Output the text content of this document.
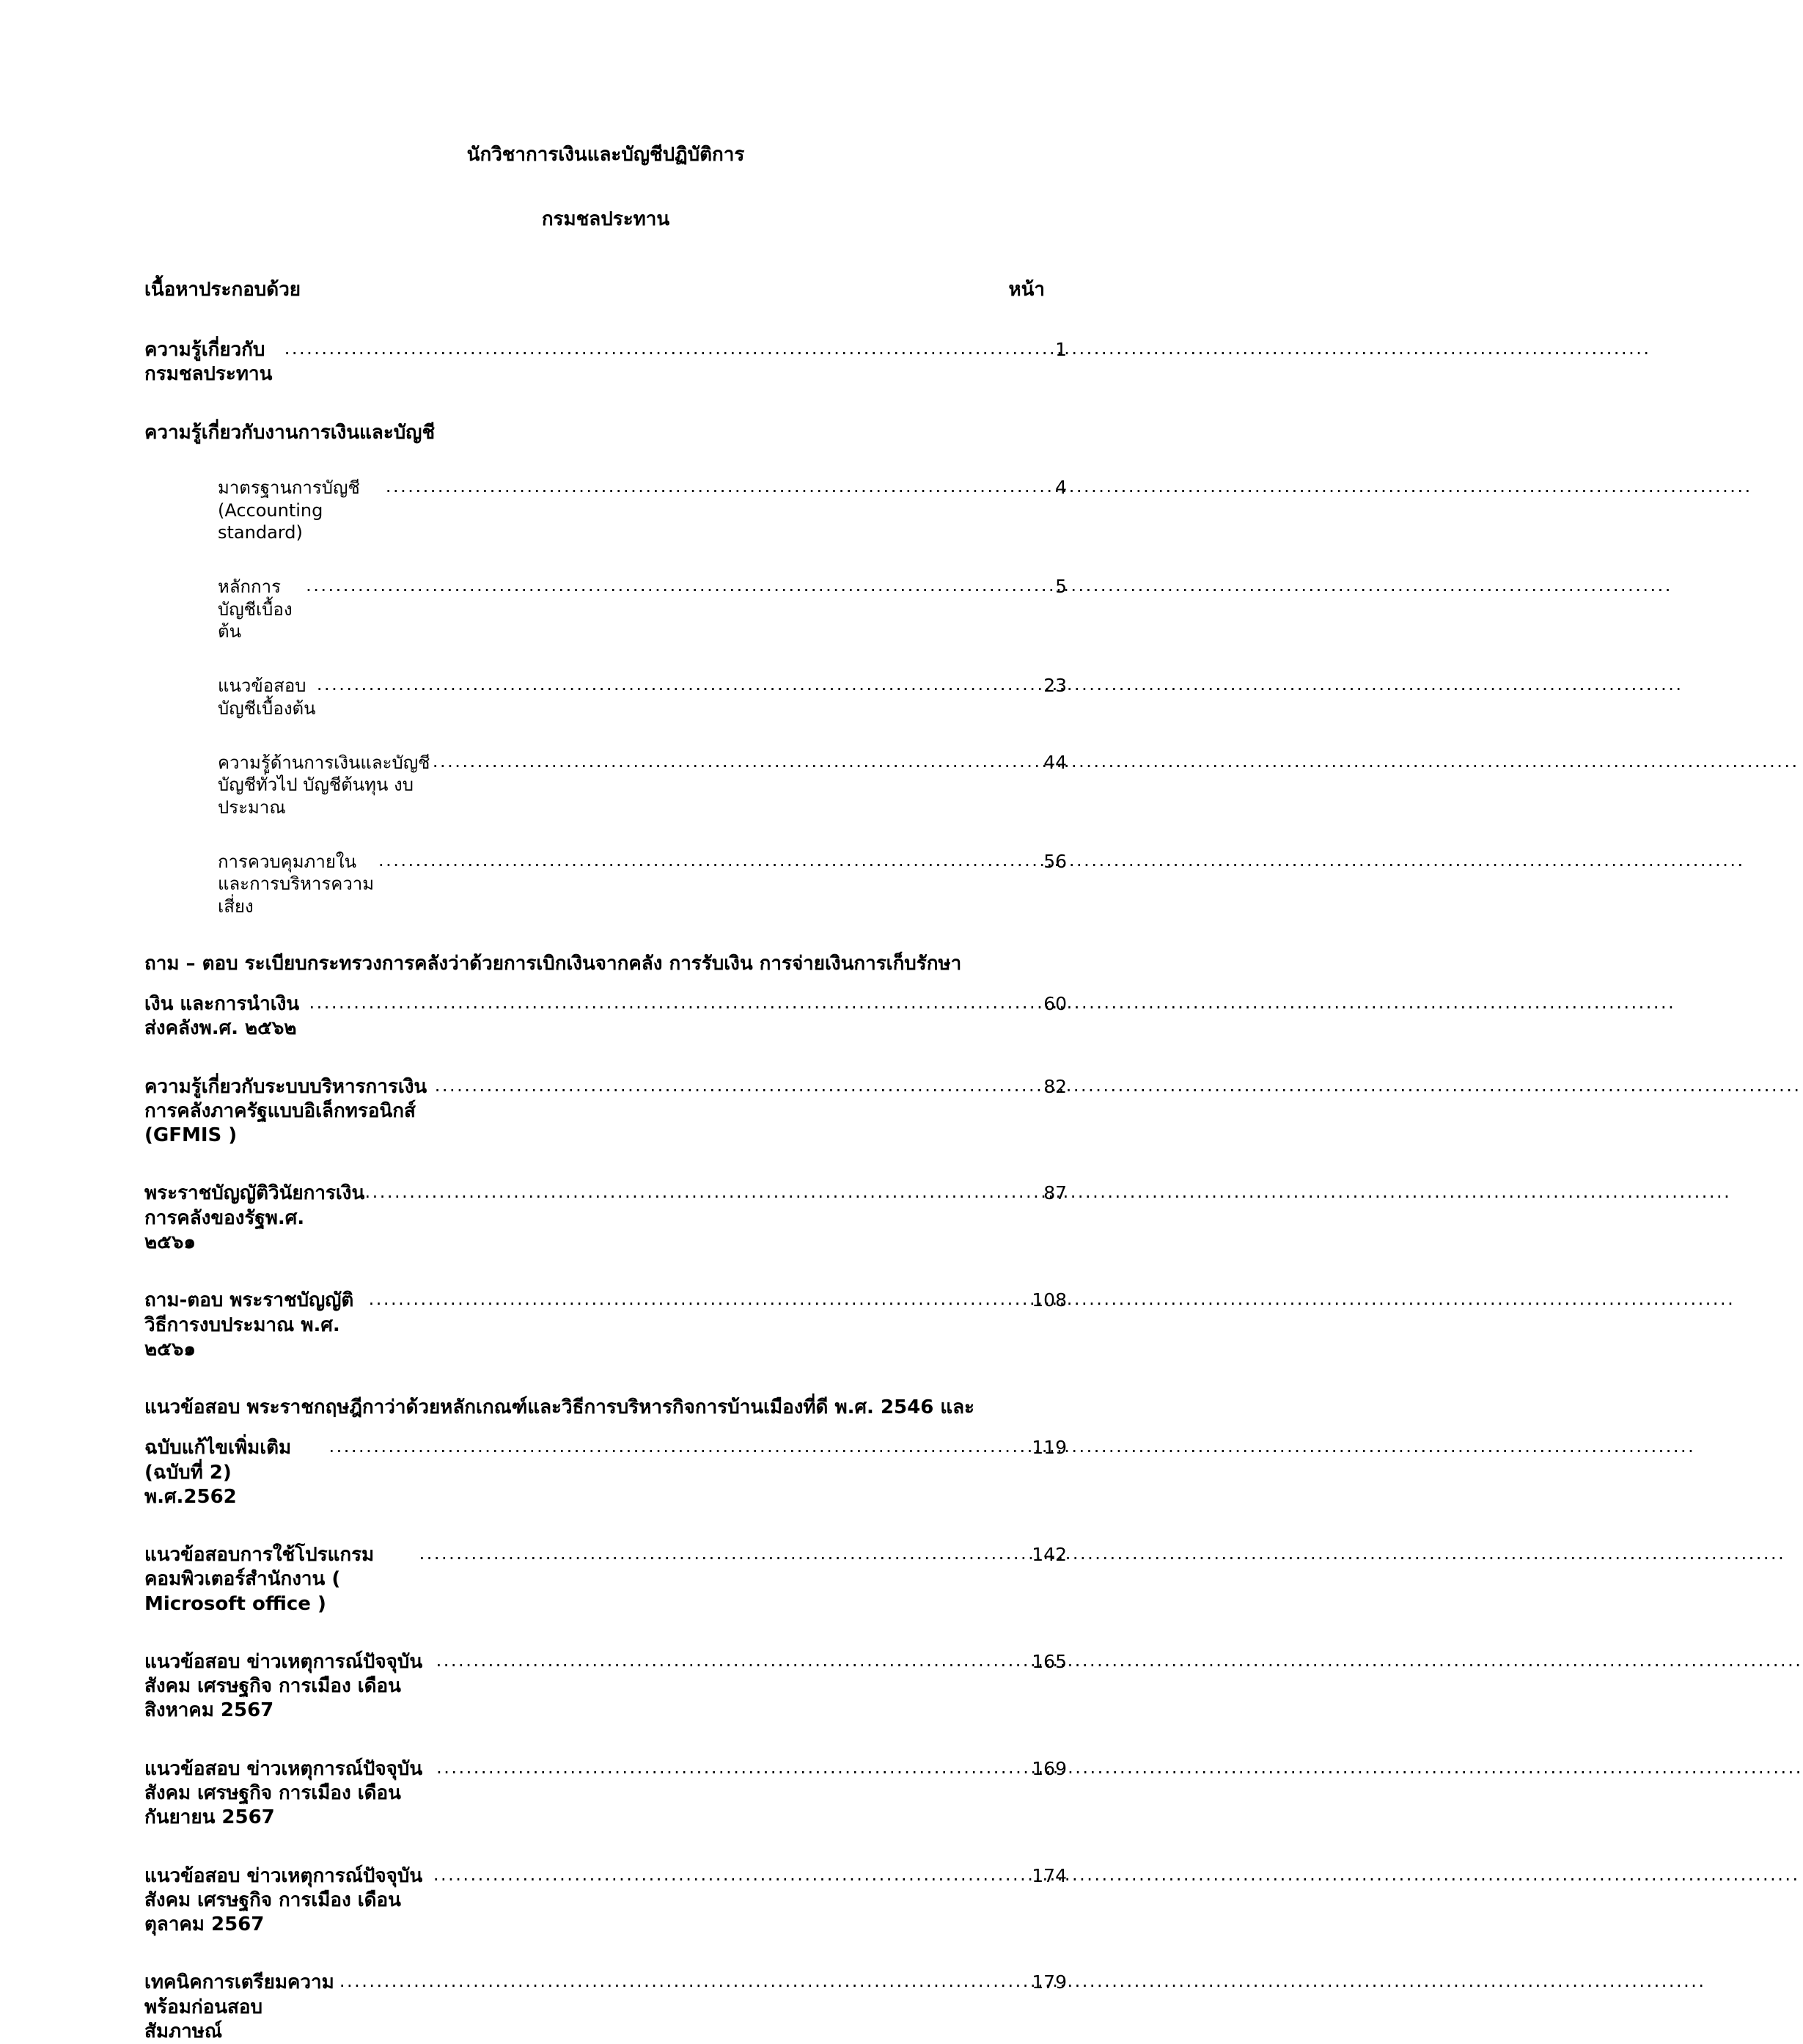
นักวิชาการเงินและบัญชีปฏิบัติการ
กรมชลประทาน
เนื้อหาประกอบด้วย	หน้า
ความรู้เกี่ยวกับกรมชลประทาน
.....
1
ความรู้เกี่ยวกับงานการเงินและบัญชี
มาตรฐานการบัญชี (Accounting standard)
.....
4
หลักการบัญชีเบื้องต้น
.....
5
แนวข้อสอบบัญชีเบื้องต้น
.....
23
ความรู้ด้านการเงินและบัญชี บัญชีทั่วไป บัญชีต้นทุน งบประมาณ
.....
44
การควบคุมภายในและการบริหารความเสี่ยง
.....
56
ถาม – ตอบ ระเบียบกระทรวงการคลังว่าด้วยการเบิกเงินจากคลัง การรับเงิน การจ่ายเงินการเก็บรักษา
เงิน และการนำเงินส่งคลังพ.ศ. ๒๕๖๒
.....
60
ความรู้เกี่ยวกับระบบบริหารการเงินการคลังภาครัฐแบบอิเล็กทรอนิกส์ (GFMIS )
.....
82
พระราชบัญญัติวินัยการเงินการคลังของรัฐพ.ศ.  ๒๕๖๑
.....
87
ถาม-ตอบ พระราชบัญญัติวิธีการงบประมาณ พ.ศ. ๒๕๖๑
.....
108
แนวข้อสอบ พระราชกฤษฎีกาว่าด้วยหลักเกณฑ์และวิธีการบริหารกิจการบ้านเมืองที่ดี พ.ศ. 2546 และ
ฉบับแก้ไขเพิ่มเติม    (ฉบับที่ 2) พ.ศ.2562
.....
119
แนวข้อสอบการใช้โปรแกรมคอมพิวเตอร์สำนักงาน ( Microsoft office )
.....
142
แนวข้อสอบ ข่าวเหตุการณ์ปัจจุบัน สังคม เศรษฐกิจ การเมือง เดือนสิงหาคม 2567
.....
165
แนวข้อสอบ ข่าวเหตุการณ์ปัจจุบัน สังคม เศรษฐกิจ การเมือง เดือนกันยายน 2567
.....
169
แนวข้อสอบ ข่าวเหตุการณ์ปัจจุบัน สังคม เศรษฐกิจ การเมือง เดือนตุลาคม 2567
.....
174
เทคนิคการเตรียมความพร้อมก่อนสอบสัมภาษณ์
.....
179
